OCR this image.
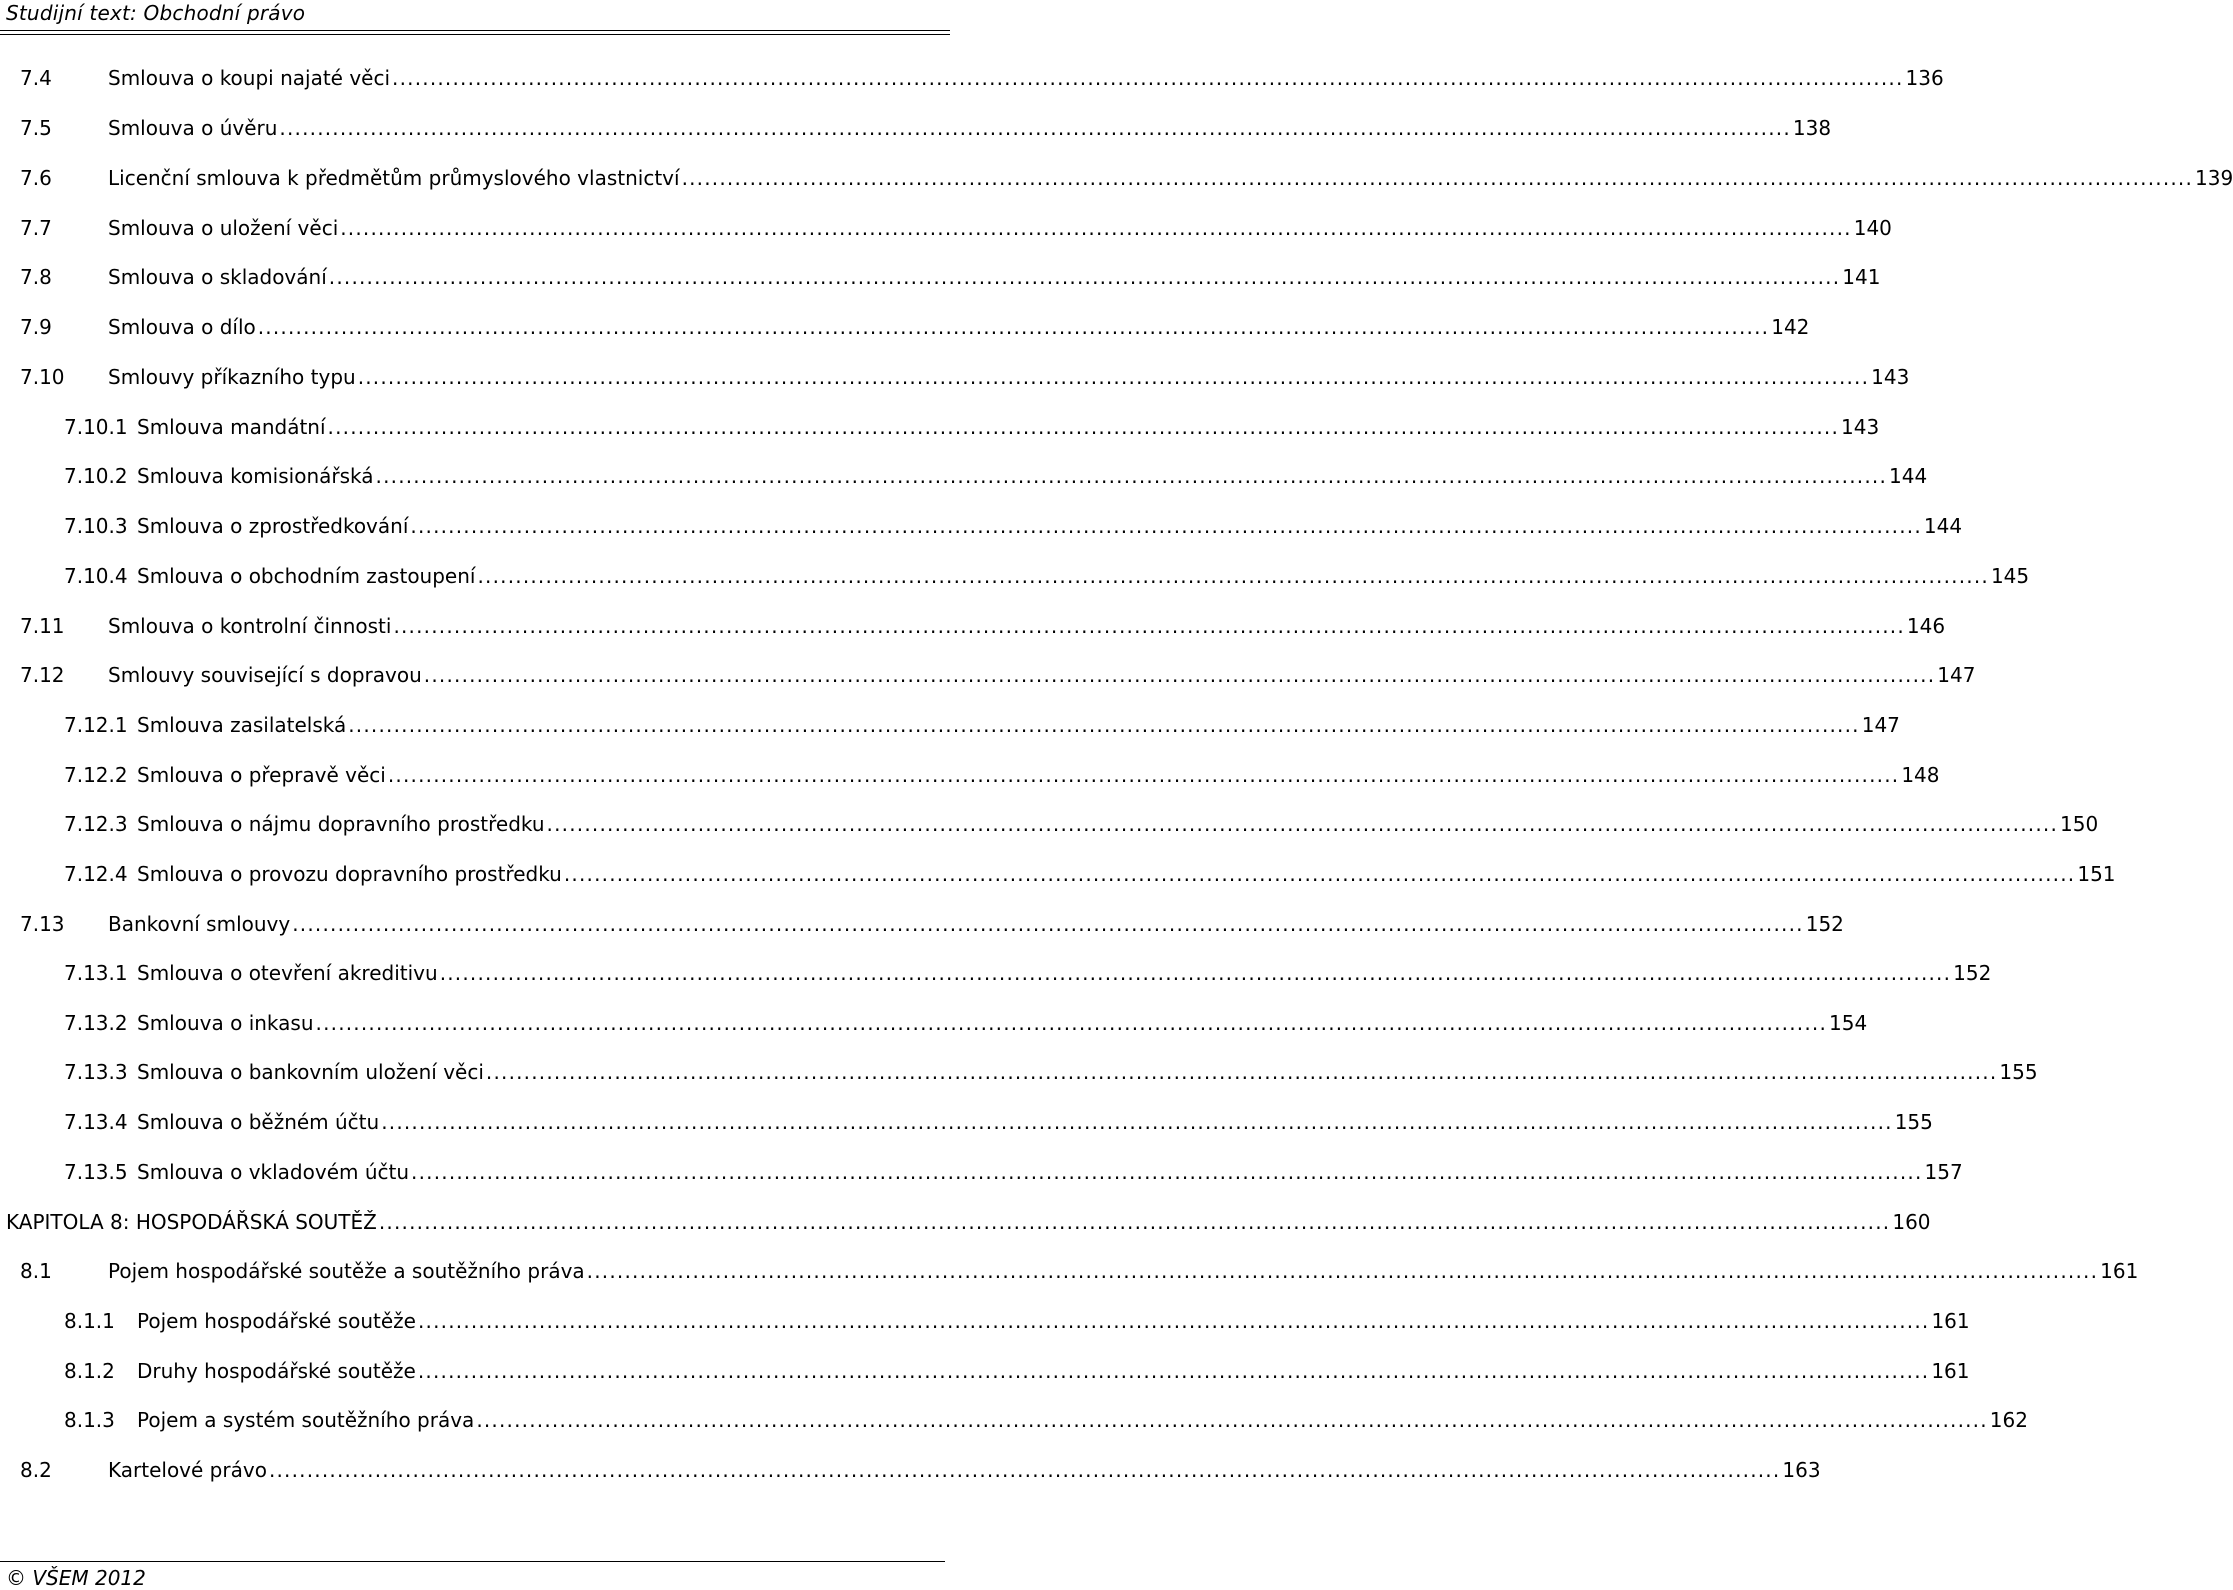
Studijní text: Obchodní právo
7.4	Smlouva o koupi najaté věci ........................................................................................................................................................................................................ 136
7.5	Smlouva o úvěru ........................................................................................................................................................................................................ 138
7.6	Licenční smlouva k předmětům průmyslového vlastnictví ........................................................................................................................................................................................................ 139
7.7	Smlouva o uložení věci ........................................................................................................................................................................................................ 140
7.8	Smlouva o skladování ........................................................................................................................................................................................................ 141
7.9	Smlouva o dílo ........................................................................................................................................................................................................ 142
7.10	Smlouvy příkazního typu ........................................................................................................................................................................................................ 143
7.10.1 Smlouva mandátní ........................................................................................................................................................................................................ 143
7.10.2 Smlouva komisionářská ........................................................................................................................................................................................................ 144
7.10.3 Smlouva o zprostředkování ........................................................................................................................................................................................................ 144
7.10.4 Smlouva o obchodním zastoupení ........................................................................................................................................................................................................ 145
7.11	Smlouva o kontrolní činnosti ........................................................................................................................................................................................................ 146
7.12	Smlouvy související s dopravou ........................................................................................................................................................................................................ 147
7.12.1 Smlouva zasilatelská ........................................................................................................................................................................................................ 147
7.12.2 Smlouva o přepravě věci ........................................................................................................................................................................................................ 148
7.12.3 Smlouva o nájmu dopravního prostředku ........................................................................................................................................................................................................ 150
7.12.4 Smlouva o provozu dopravního prostředku ........................................................................................................................................................................................................ 151
7.13	Bankovní smlouvy ........................................................................................................................................................................................................ 152
7.13.1 Smlouva o otevření akreditivu ........................................................................................................................................................................................................ 152
7.13.2 Smlouva o inkasu ........................................................................................................................................................................................................ 154
7.13.3 Smlouva o bankovním uložení věci ........................................................................................................................................................................................................ 155
7.13.4 Smlouva o běžném účtu ........................................................................................................................................................................................................ 155
7.13.5 Smlouva o vkladovém účtu ........................................................................................................................................................................................................ 157
KAPITOLA 8: HOSPODÁŘSKÁ SOUTĚŽ ........................................................................................................................................................................................................ 160
8.1	Pojem hospodářské soutěže a soutěžního práva ........................................................................................................................................................................................................ 161
8.1.1	Pojem hospodářské soutěže ........................................................................................................................................................................................................ 161
8.1.2	Druhy hospodářské soutěže ........................................................................................................................................................................................................ 161
8.1.3	Pojem a systém soutěžního práva ........................................................................................................................................................................................................ 162
8.2	Kartelové právo ........................................................................................................................................................................................................ 163
© VŠEM 2012
